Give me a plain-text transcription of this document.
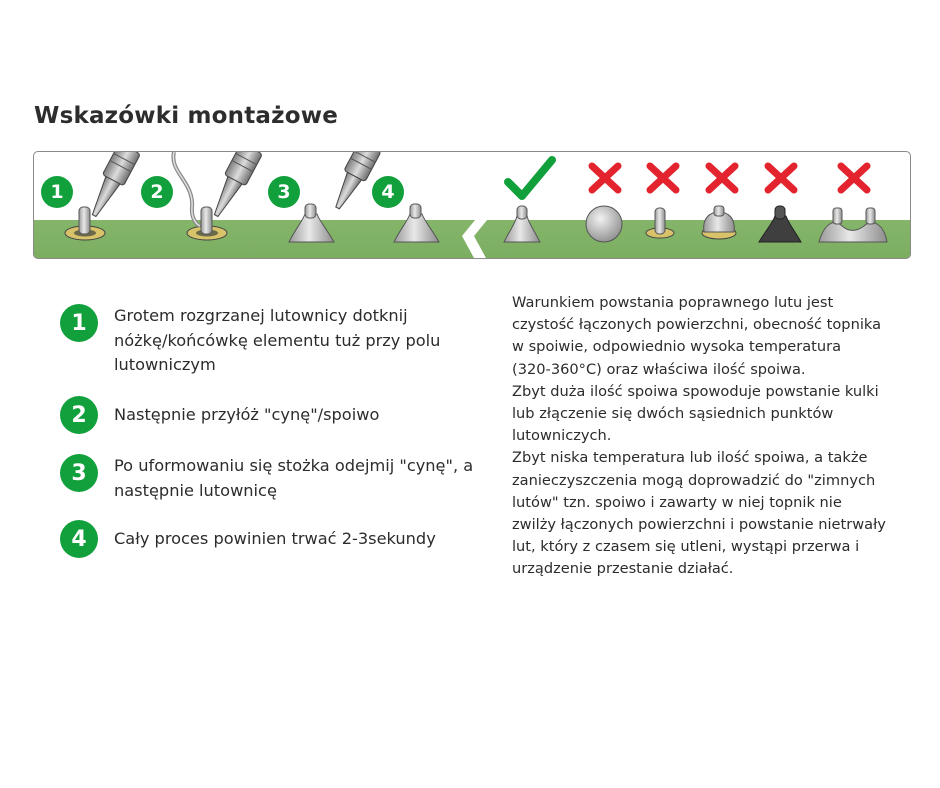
Wskazówki montażowe
1	2	3	4
1	Grotem rozgrzanej lutownicy dotknij nóżkę/końcówkę elementu tuż przy polu lutowniczym
2	Następnie przyłóż "cynę"/spoiwo
3	Po uformowaniu się stożka odejmij "cynę", a następnie lutownicę
4	Cały proces powinien trwać 2-3sekundy

Warunkiem powstania poprawnego lutu jest

czystość łączonych powierzchni, obecność topnika

w spoiwie, odpowiednio wysoka temperatura

(320-360°C) oraz właściwa ilość spoiwa.

Zbyt duża ilość spoiwa spowoduje powstanie kulki

lub złączenie się dwóch sąsiednich punktów

lutowniczych.

Zbyt niska temperatura lub ilość spoiwa, a także

zanieczyszczenia mogą doprowadzić do "zimnych

lutów" tzn. spoiwo i zawarty w niej topnik nie

zwilży łączonych powierzchni i powstanie nietrwały

lut, który z czasem się utleni, wystąpi przerwa i

urządzenie przestanie działać.
